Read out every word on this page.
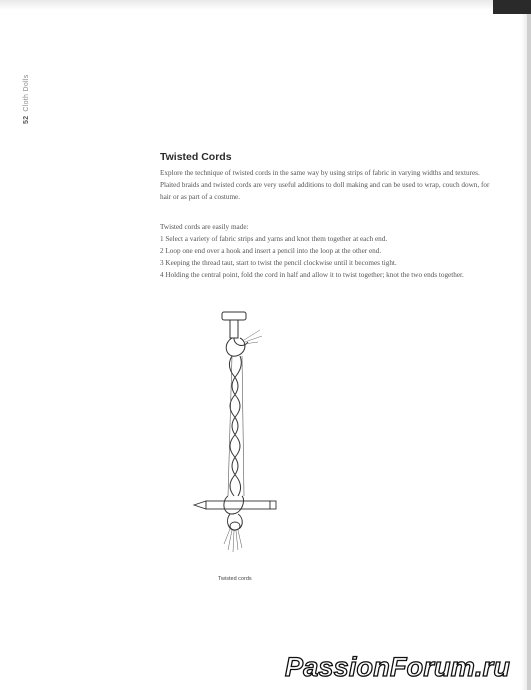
52Cloth Dolls
Twisted Cords

Explore the technique of twisted cords in the same way by using strips of fabric in varying widths and textures. Plaited braids and twisted cords are very useful additions to doll making and can be used to wrap, couch down, for hair or as part of a costume.

Twisted cords are easily made:
1 Select a variety of fabric strips and yarns and knot them together at each end.
2 Loop one end over a hook and insert a pencil into the loop at the other end.
3 Keeping the thread taut, start to twist the pencil clockwise until it becomes tight.
4 Holding the central point, fold the cord in half and allow it to twist together; knot the two ends together.
Twisted cords
PassionForum.ru
